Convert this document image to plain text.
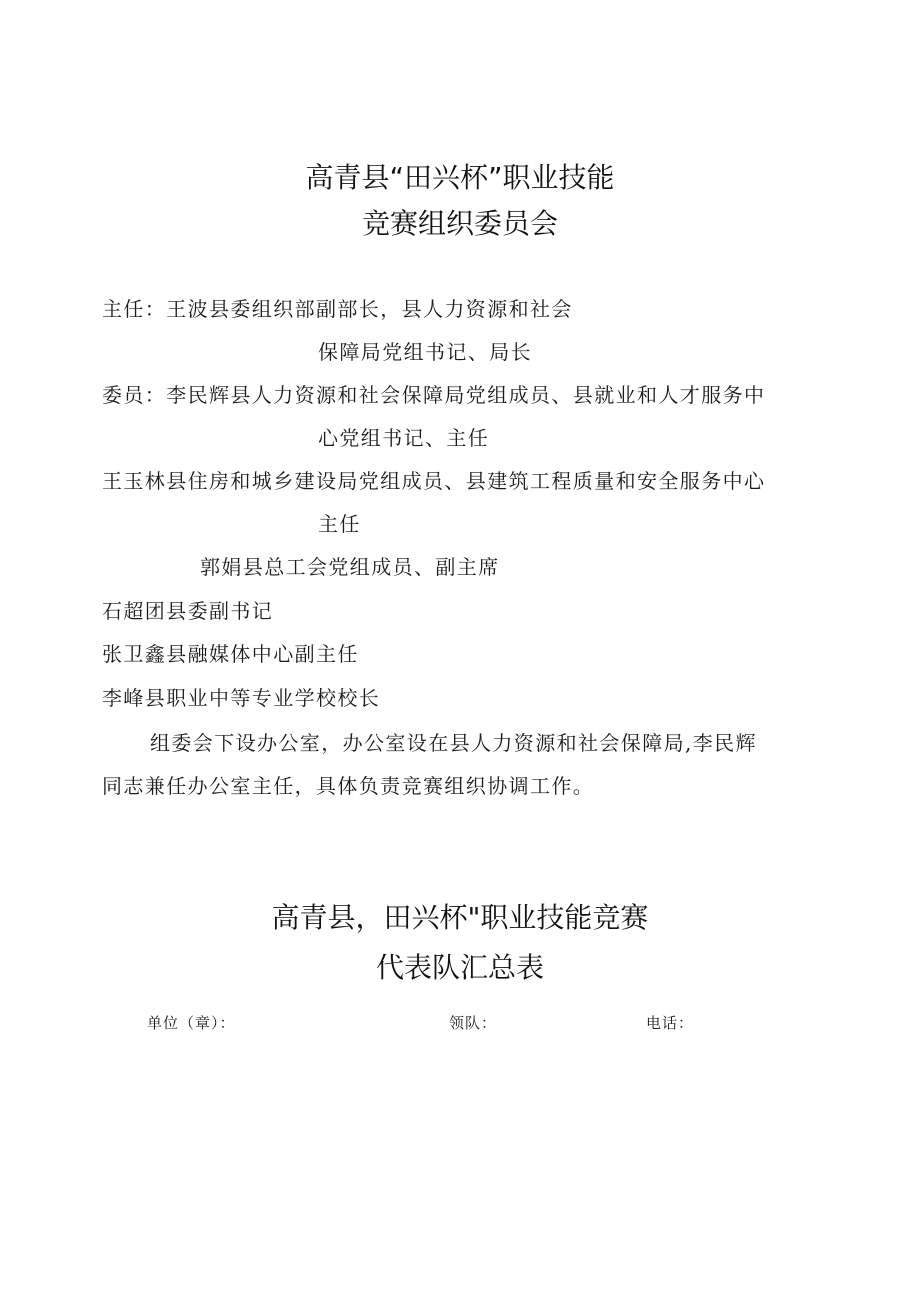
高青县“田兴杯”职业技能
竞赛组织委员会
主任：王波县委组织部副部长，县人力资源和社会
保障局党组书记、局长
委员：李民辉县人力资源和社会保障局党组成员、县就业和人才服务中
心党组书记、主任
王玉林县住房和城乡建设局党组成员、县建筑工程质量和安全服务中心
主任
郭娟县总工会党组成员、副主席
石超团县委副书记
张卫鑫县融媒体中心副主任
李峰县职业中等专业学校校长
组委会下设办公室，办公室设在县人力资源和社会保障局,李民辉
同志兼任办公室主任，具体负责竞赛组织协调工作。
高青县，田兴杯"职业技能竞赛
代表队汇总表
单位（章）：	领队：	电话：
